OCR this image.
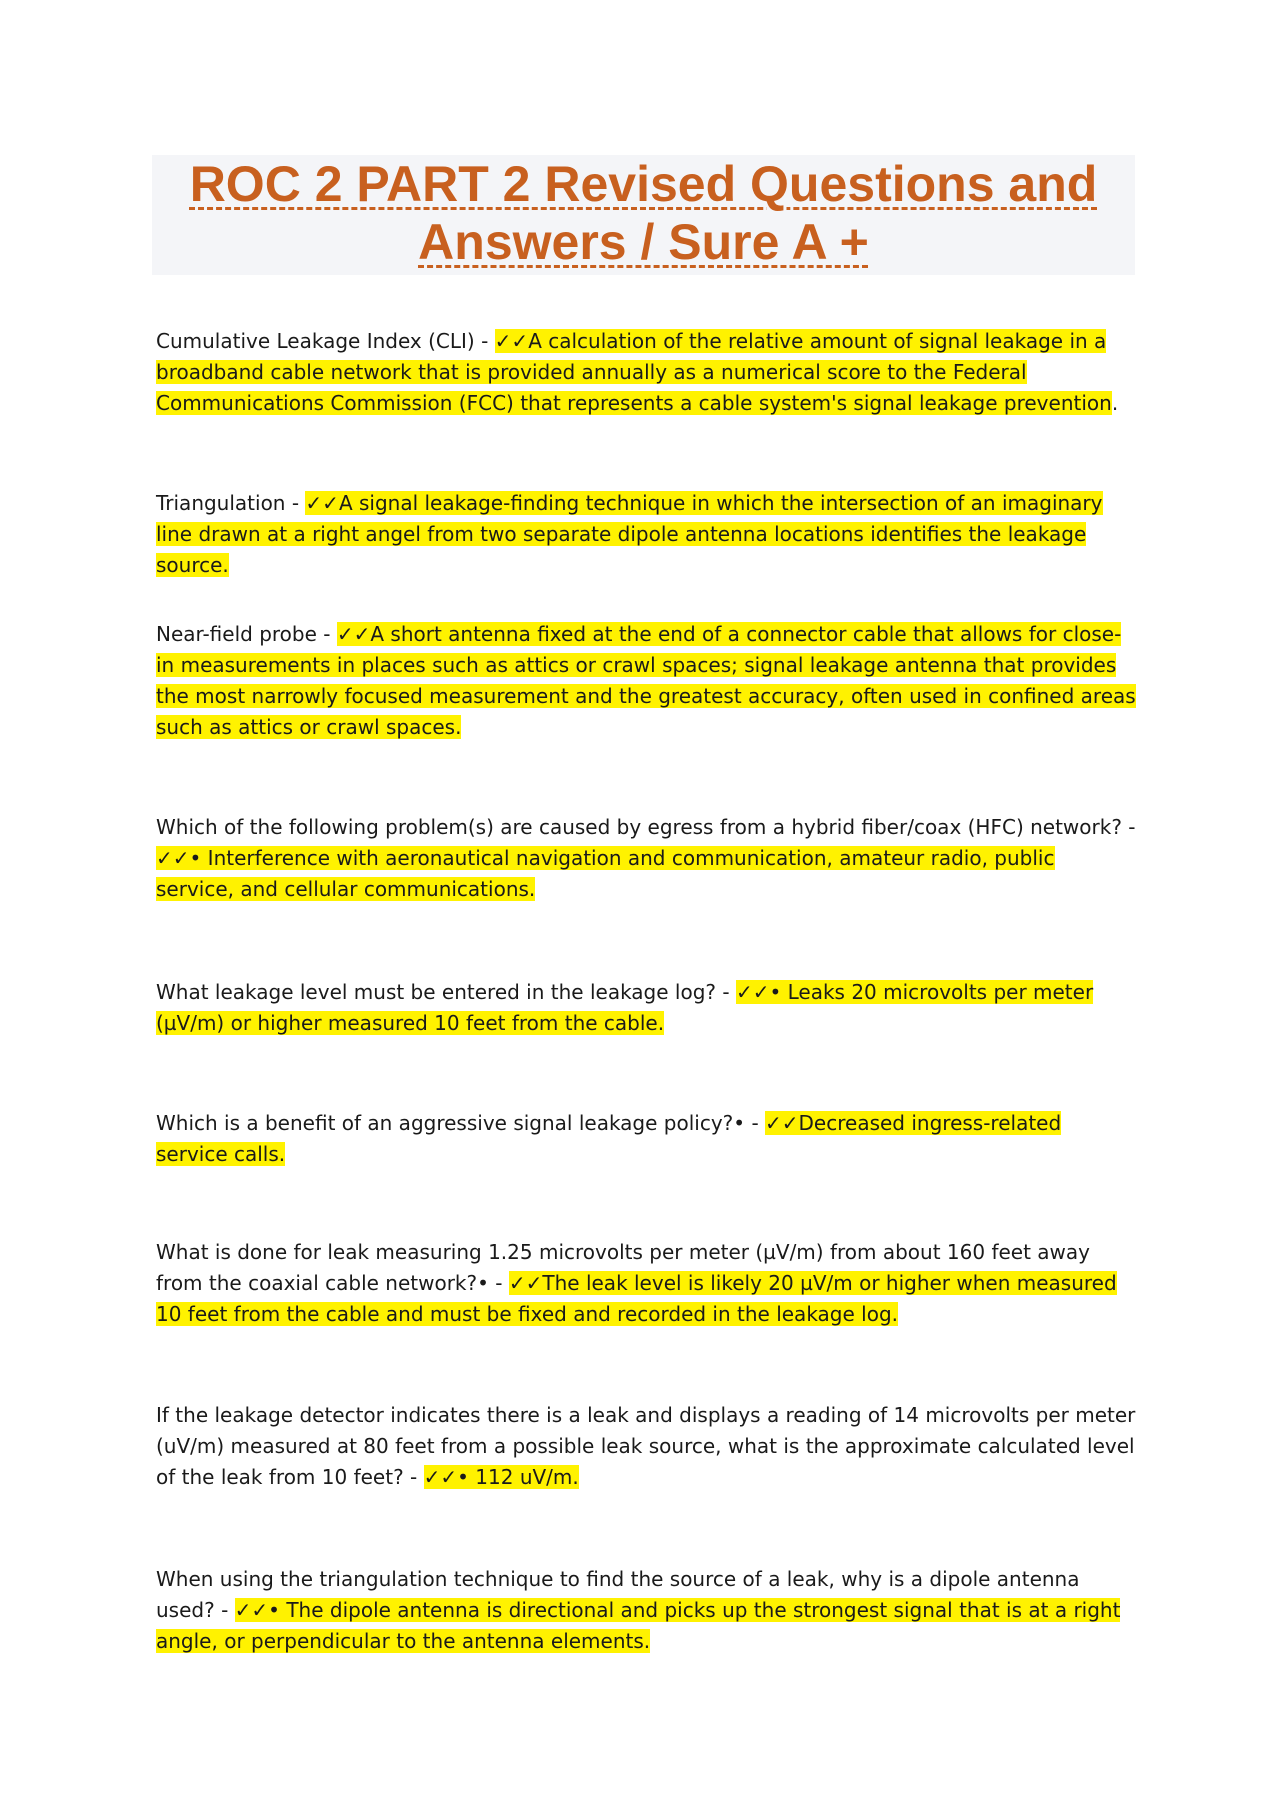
ROC 2 PART 2 Revised Questions and Answers / Sure A +

Cumulative Leakage Index (CLI) - ✓✓A calculation of the relative amount of signal leakage in a broadband cable network that is provided annually as a numerical score to the Federal Communications Commission (FCC) that represents a cable system's signal leakage prevention.

Triangulation - ✓✓A signal leakage-finding technique in which the intersection of an imaginary line drawn at a right angel from two separate dipole antenna locations identifies the leakage source.

Near-field probe - ✓✓A short antenna fixed at the end of a connector cable that allows for close-in measurements in places such as attics or crawl spaces; signal leakage antenna that provides the most narrowly focused measurement and the greatest accuracy, often used in confined areas such as attics or crawl spaces.

Which of the following problem(s) are caused by egress from a hybrid fiber/coax (HFC) network? - ✓✓• Interference with aeronautical navigation and communication, amateur radio, public service, and cellular communications.

What leakage level must be entered in the leakage log? - ✓✓• Leaks 20 microvolts per meter (µV/m) or higher measured 10 feet from the cable.

Which is a benefit of an aggressive signal leakage policy?• - ✓✓Decreased ingress-related service calls.

What is done for leak measuring 1.25 microvolts per meter (µV/m) from about 160 feet away from the coaxial cable network?• - ✓✓The leak level is likely 20 µV/m or higher when measured 10 feet from the cable and must be fixed and recorded in the leakage log.

If the leakage detector indicates there is a leak and displays a reading of 14 microvolts per meter (uV/m) measured at 80 feet from a possible leak source, what is the approximate calculated level of the leak from 10 feet? - ✓✓• 112 uV/m.

When using the triangulation technique to find the source of a leak, why is a dipole antenna used? - ✓✓• The dipole antenna is directional and picks up the strongest signal that is at a right angle, or perpendicular to the antenna elements.
